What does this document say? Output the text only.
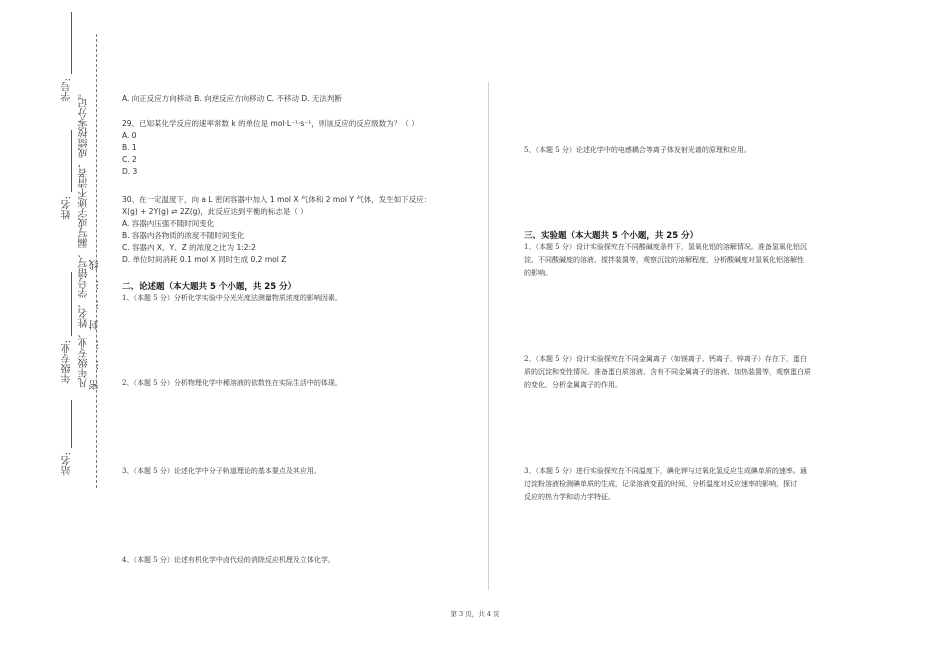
学号:
姓名:
年级专业:
站名:
凡年级专业、姓名、学号错写、漏写或字迹不清者，成绩按零分记。 密……封……线
A. 向正反应方向移动 B. 向逆反应方向移动 C. 不移动 D. 无法判断
29、已知某化学反应的速率常数 k 的单位是 mol·L⁻¹·s⁻¹，则该反应的反应级数为？（ ）
A. 0
B. 1
C. 2
D. 3
30、在一定温度下，向 a L 密闭容器中加入 1 mol X 气体和 2 mol Y 气体，发生如下反应：
X(g) + 2Y(g) ⇌ 2Z(g)，此反应达到平衡的标志是（ ）
A. 容器内压强不随时间变化
B. 容器内各物质的浓度不随时间变化
C. 容器内 X、Y、Z 的浓度之比为 1:2:2
D. 单位时间消耗 0.1 mol X 同时生成 0.2 mol Z
二、论述题（本大题共 5 个小题，共 25 分）
1、（本题 5 分）分析化学实验中分光光度法测量物质浓度的影响因素。
2、（本题 5 分）分析物理化学中稀溶液的依数性在实际生活中的体现。
3、（本题 5 分）论述化学中分子轨道理论的基本要点及其应用。
4、（本题 5 分）论述有机化学中卤代烃的消除反应机理及立体化学。
5、（本题 5 分）论述化学中的电感耦合等离子体发射光谱的原理和应用。
三、实验题（本大题共 5 个小题，共 25 分）
1、（本题 5 分）设计实验探究在不同酸碱度条件下，氢氧化铝的溶解情况。准备氢氧化铝沉
淀、不同酸碱度的溶液、搅拌装置等，观察沉淀的溶解程度，分析酸碱度对氢氧化铝溶解性
的影响。
2、（本题 5 分）设计实验探究在不同金属离子（如镁离子、钙离子、锌离子）存在下，蛋白
质的沉淀和变性情况。准备蛋白质溶液、含有不同金属离子的溶液、加热装置等，观察蛋白质
的变化，分析金属离子的作用。
3、（本题 5 分）进行实验探究在不同温度下，碘化钾与过氧化氢反应生成碘单质的速率。通
过淀粉溶液检测碘单质的生成，记录溶液变蓝的时间，分析温度对反应速率的影响，探讨
反应的热力学和动力学特征。
第 3 页，共 4 页
